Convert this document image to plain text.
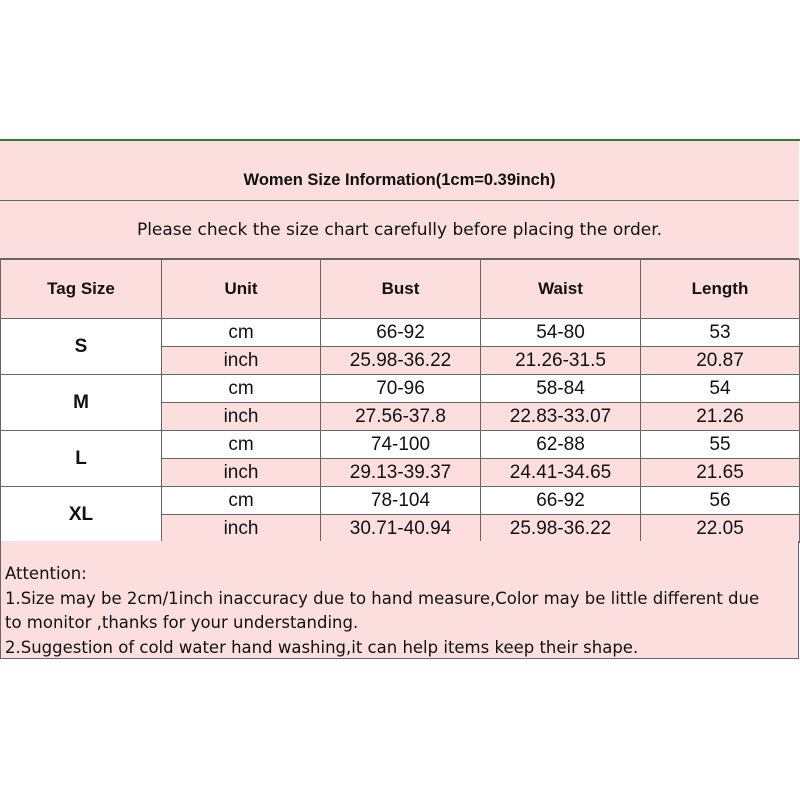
Women Size Information(1cm=0.39inch)
Please check the size chart carefully before placing the order.
Tag Size	Unit	Bust	Waist	Length
S	cm	66-92	54-80	53
	inch	25.98-36.22	21.26-31.5	20.87
M	cm	70-96	58-84	54
	inch	27.56-37.8	22.83-33.07	21.26
L	cm	74-100	62-88	55
	inch	29.13-39.37	24.41-34.65	21.65
XL	cm	78-104	66-92	56
	inch	30.71-40.94	25.98-36.22	22.05
Attention:
1.Size may be 2cm/1inch inaccuracy due to hand measure,Color may be little different due
to monitor ,thanks for your understanding.
2.Suggestion of cold water hand washing,it can help items keep their shape.
